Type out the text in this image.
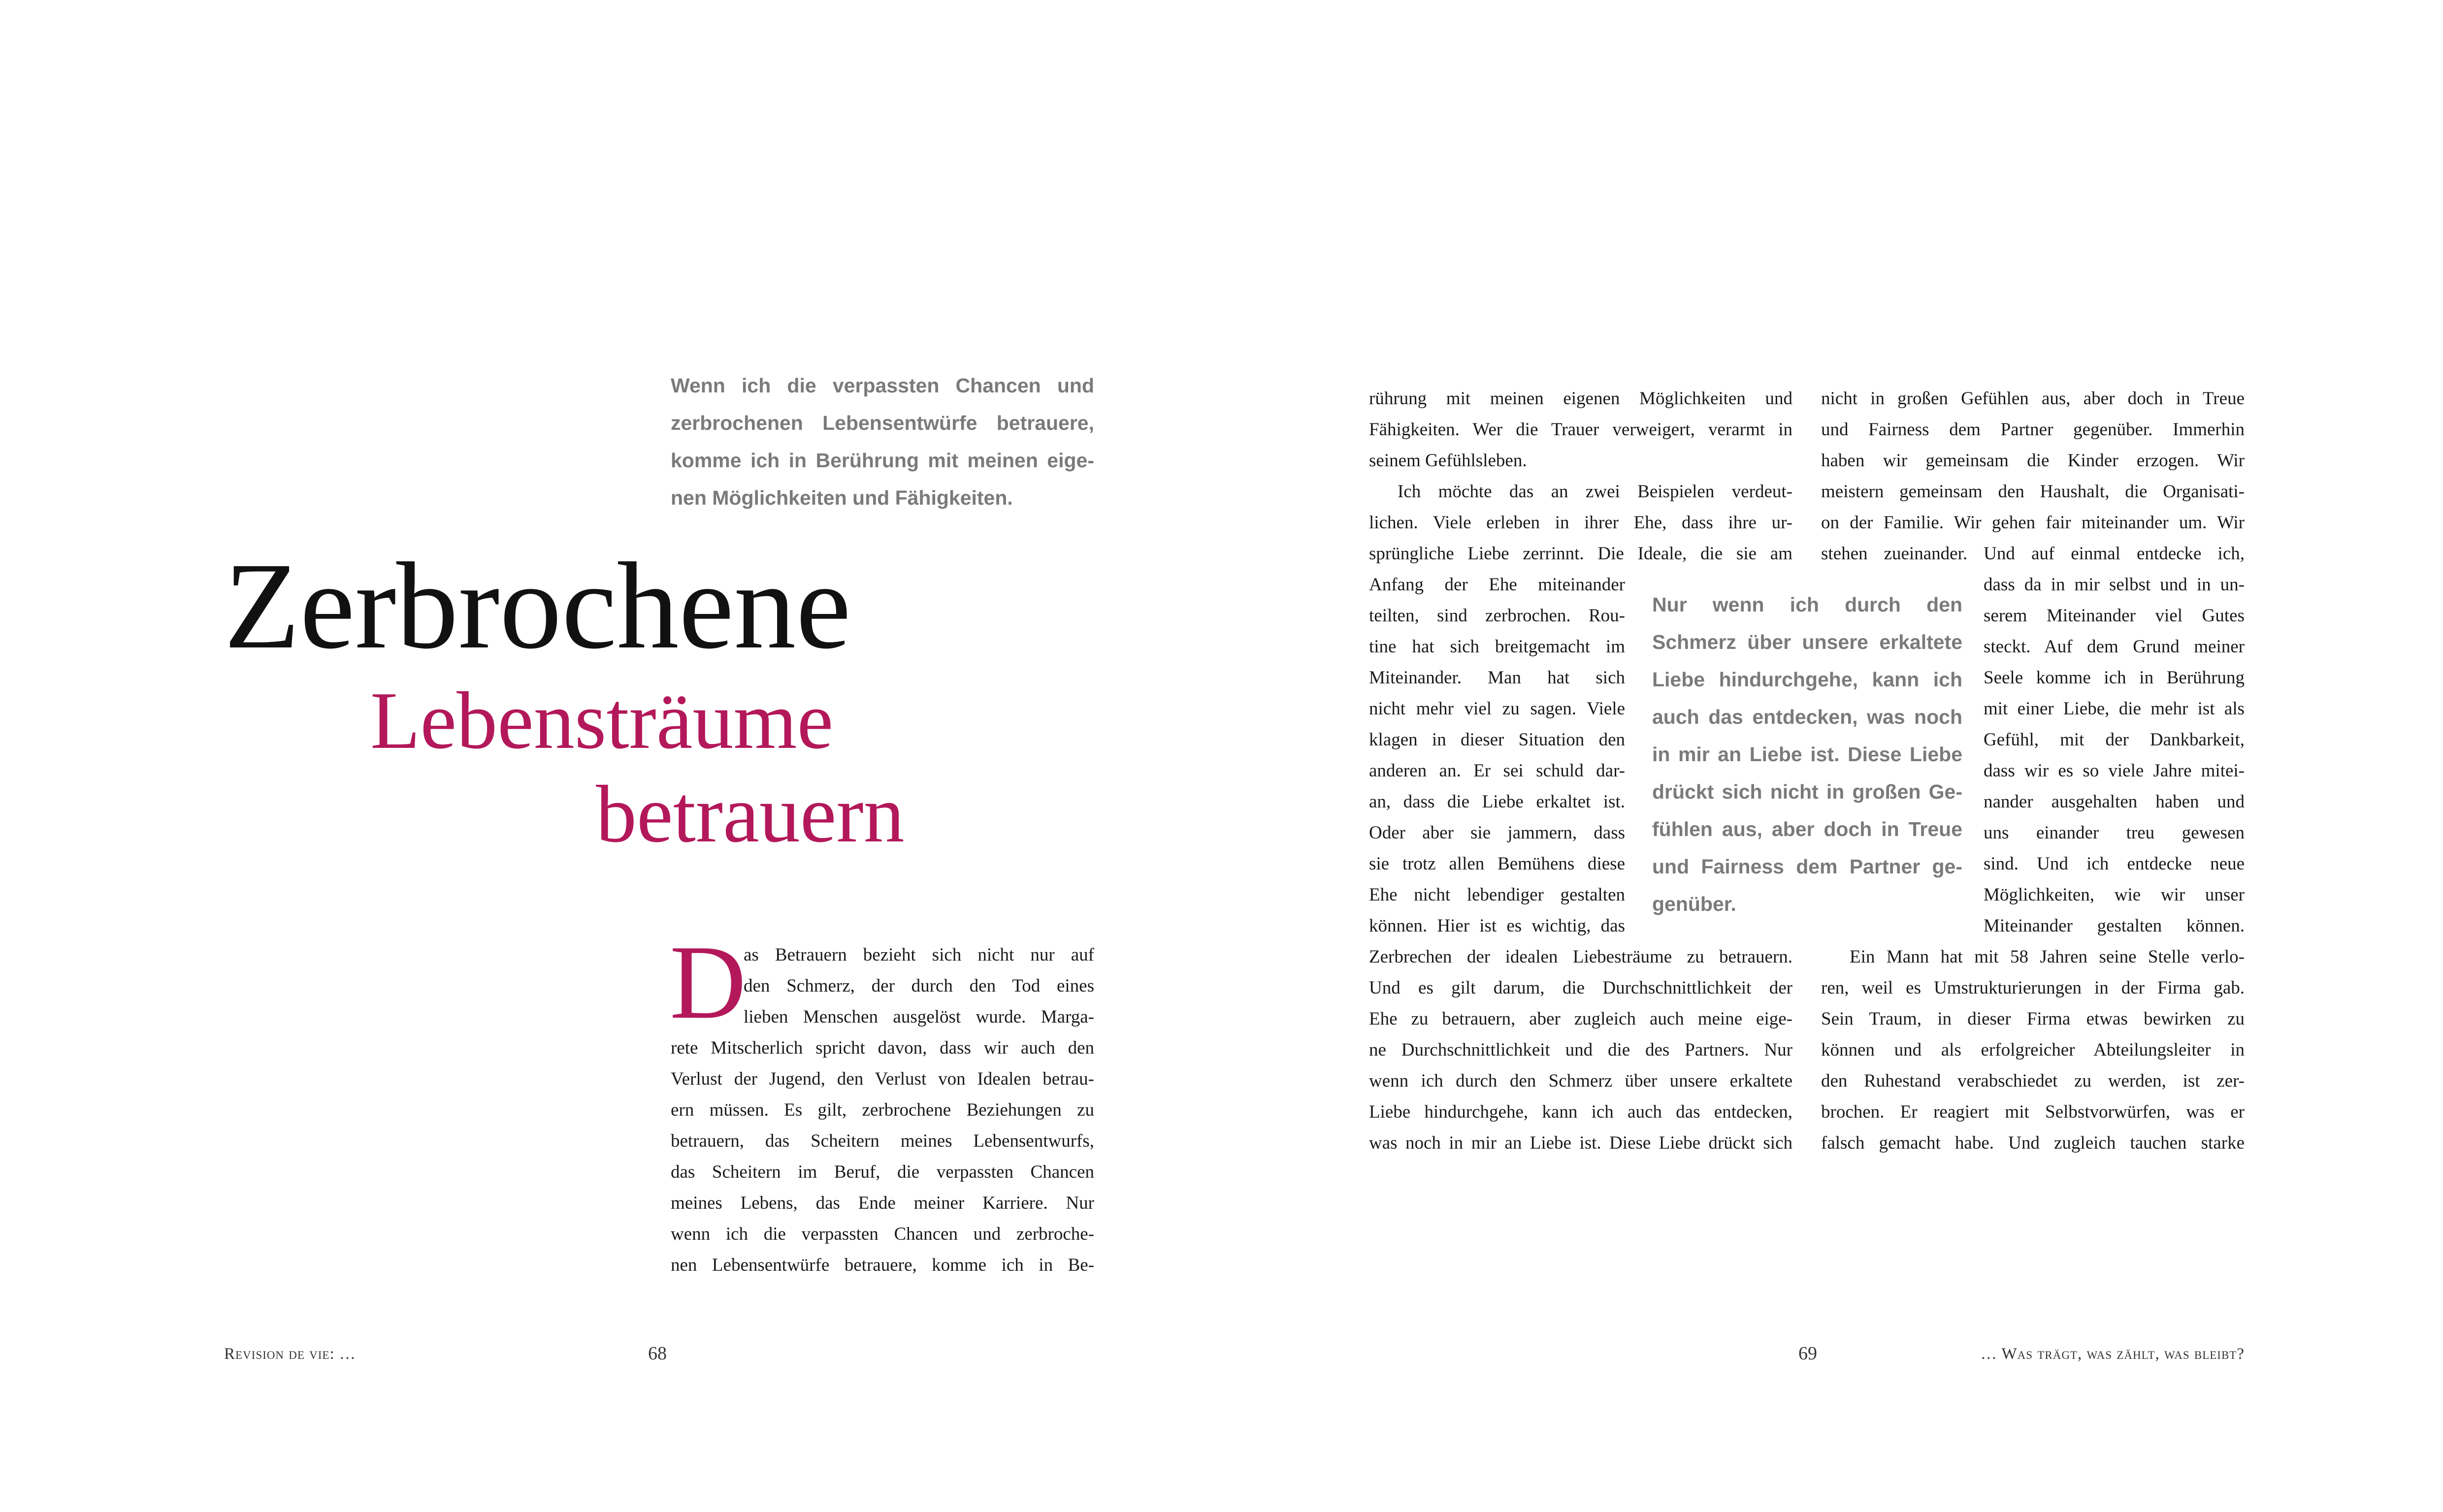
Wenn ich die verpassten Chancen und
zerbrochenen Lebensentwürfe betrauere,
komme ich in Berührung mit meinen eige-
nen Möglichkeiten und Fähigkeiten.
Zerbrochene
Lebensträume
betrauern
D
as Betrauern bezieht sich nicht nur auf
den Schmerz, der durch den Tod eines
lieben Menschen ausgelöst wurde. Marga-
rete Mitscherlich spricht davon, dass wir auch den
Verlust der Jugend, den Verlust von Idealen betrau-
ern müssen. Es gilt, zerbrochene Beziehungen zu
betrauern, das Scheitern meines Lebensentwurfs,
das Scheitern im Beruf, die verpassten Chancen
meines Lebens, das Ende meiner Karriere. Nur
wenn ich die verpassten Chancen und zerbroche-
nen Lebensentwürfe betrauere, komme ich in Be-
Revision de vie: …	68
rührung mit meinen eigenen Möglichkeiten und
Fähigkeiten. Wer die Trauer verweigert, verarmt in
seinem Gefühlsleben.
Ich möchte das an zwei Beispielen verdeut-
lichen. Viele erleben in ihrer Ehe, dass ihre ur-
sprüngliche Liebe zerrinnt. Die Ideale, die sie am
Anfang der Ehe miteinander
teilten, sind zerbrochen. Rou-
tine hat sich breitgemacht im
Miteinander. Man hat sich
nicht mehr viel zu sagen. Viele
klagen in dieser Situation den
anderen an. Er sei schuld dar-
an, dass die Liebe erkaltet ist.
Oder aber sie jammern, dass
sie trotz allen Bemühens diese
Ehe nicht lebendiger gestalten
können. Hier ist es wichtig, das
Zerbrechen der idealen Liebesträume zu betrauern.
Und es gilt darum, die Durchschnittlichkeit der
Ehe zu betrauern, aber zugleich auch meine eige-
ne Durchschnittlichkeit und die des Partners. Nur
wenn ich durch den Schmerz über unsere erkaltete
Liebe hindurchgehe, kann ich auch das entdecken,
was noch in mir an Liebe ist. Diese Liebe drückt sich
Nur wenn ich durch den
Schmerz über unsere erkaltete
Liebe hindurchgehe, kann ich
auch das entdecken, was noch
in mir an Liebe ist. Diese Liebe
drückt sich nicht in großen Ge-
fühlen aus, aber doch in Treue
und Fairness dem Partner ge-
genüber.
nicht in großen Gefühlen aus, aber doch in Treue
und Fairness dem Partner gegenüber. Immerhin
haben wir gemeinsam die Kinder erzogen. Wir
meistern gemeinsam den Haushalt, die Organisati-
on der Familie. Wir gehen fair miteinander um. Wir
stehen zueinander. Und auf einmal entdecke ich,
dass da in mir selbst und in un-
serem Miteinander viel Gutes
steckt. Auf dem Grund meiner
Seele komme ich in Berührung
mit einer Liebe, die mehr ist als
Gefühl, mit der Dankbarkeit,
dass wir es so viele Jahre mitei-
nander ausgehalten haben und
uns einander treu gewesen
sind. Und ich entdecke neue
Möglichkeiten, wie wir unser
Miteinander gestalten können.
Ein Mann hat mit 58 Jahren seine Stelle verlo-
ren, weil es Umstrukturierungen in der Firma gab.
Sein Traum, in dieser Firma etwas bewirken zu
können und als erfolgreicher Abteilungsleiter in
den Ruhestand verabschiedet zu werden, ist zer-
brochen. Er reagiert mit Selbstvorwürfen, was er
falsch gemacht habe. Und zugleich tauchen starke
69	… Was trägt, was zählt, was bleibt?
